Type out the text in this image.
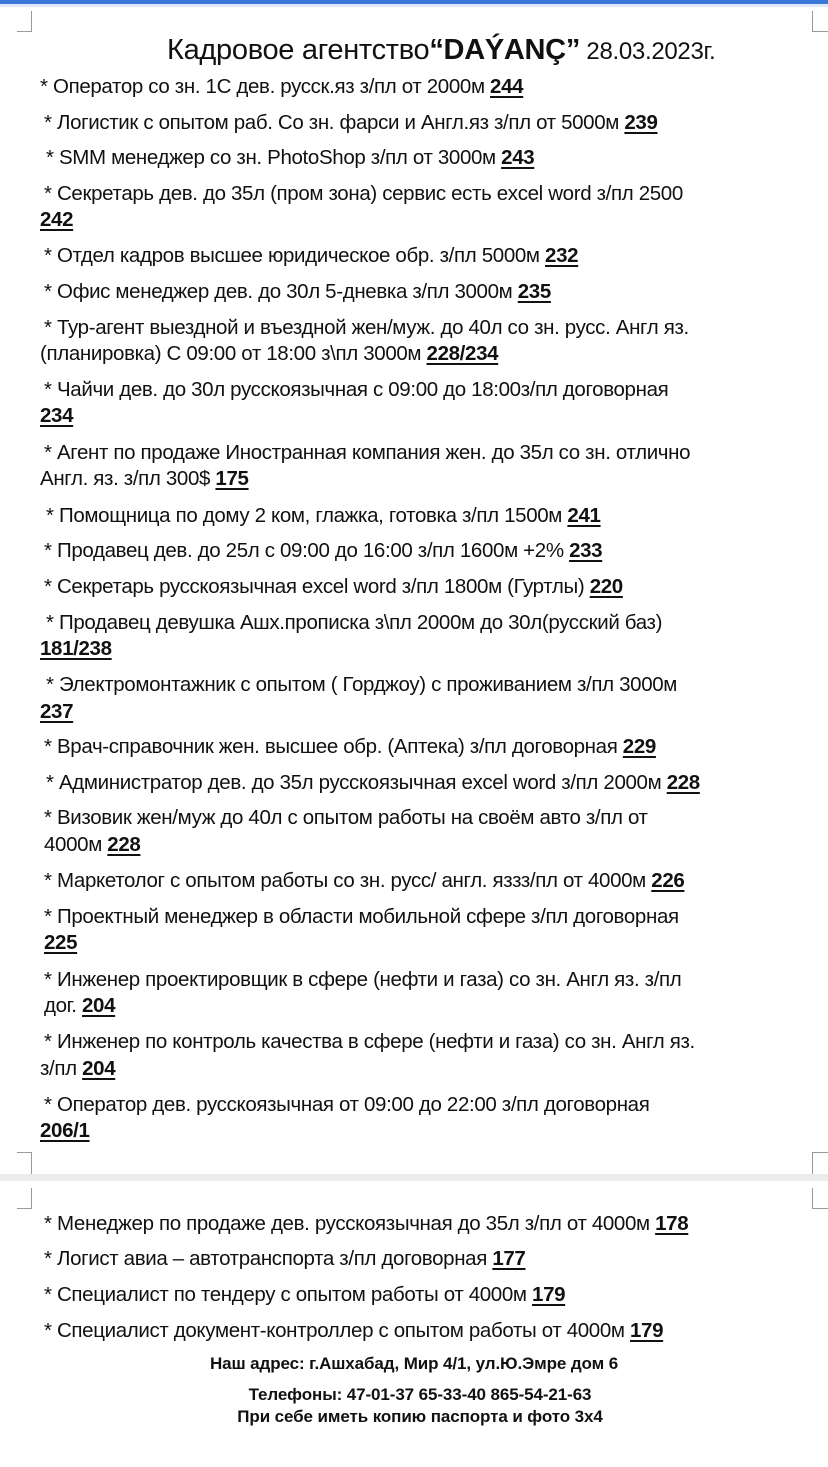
Кадровое агентство“DAÝANÇ” 28.03.2023г.
* Оператор со зн. 1С дев. русск.яз з/пл от 2000м 244
* Логистик с опытом раб. Со зн. фарси и Англ.яз з/пл от 5000м 239
* SMM менеджер со зн. PhotoShop з/пл от 3000м 243
* Секретарь дев. до 35л (пром зона) сервис есть excel word з/пл 2500
242
* Отдел кадров высшее юридическое обр. з/пл 5000м 232
* Офис менеджер дев. до 30л 5-дневка з/пл 3000м 235
* Тур-агент выездной и въездной жен/муж. до 40л со зн. русс. Англ яз.
(планировка) С 09:00 от 18:00 з\пл 3000м 228/234
* Чайчи дев. до 30л русскоязычная с 09:00 до 18:00з/пл договорная
234
* Агент по продаже Иностранная компания жен. до 35л со зн. отлично
Англ. яз. з/пл 300$ 175
* Помощница по дому 2 ком, глажка, готовка з/пл 1500м 241
* Продавец дев. до 25л с 09:00 до 16:00 з/пл 1600м +2% 233
* Секретарь русскоязычная excel word з/пл 1800м (Гуртлы) 220
* Продавец девушка Ашх.прописка з\пл 2000м до 30л(русский баз)
181/238
* Электромонтажник с опытом ( Горджоу) с проживанием з/пл 3000м
237
* Врач-справочник жен. высшее обр. (Аптека) з/пл договорная 229
* Администратор дев. до 35л русскоязычная excel word з/пл 2000м 228
* Визовик жен/муж до 40л с опытом работы на своём авто з/пл от
4000м 228
* Маркетолог с опытом работы со зн. русс/ англ. яззз/пл от 4000м 226
* Проектный менеджер в области мобильной сфере з/пл договорная
225
* Инженер проектировщик в сфере (нефти и газа) со зн. Англ яз. з/пл
дог. 204
* Инженер по контроль качества в сфере (нефти и газа) со зн. Англ яз.
з/пл 204
* Оператор дев. русскоязычная от 09:00 до 22:00 з/пл договорная
206/1
* Менеджер по продаже дев. русскоязычная до 35л з/пл от 4000м 178
* Логист авиа – автотранспорта з/пл договорная 177
* Специалист по тендеру с опытом работы от 4000м 179
* Специалист документ-контроллер с опытом работы от 4000м 179
Наш адрес: г.Ашхабад, Мир 4/1, ул.Ю.Эмре дом 6
Телефоны: 47-01-37 65-33-40 865-54-21-63
При себе иметь копию паспорта и фото 3х4
